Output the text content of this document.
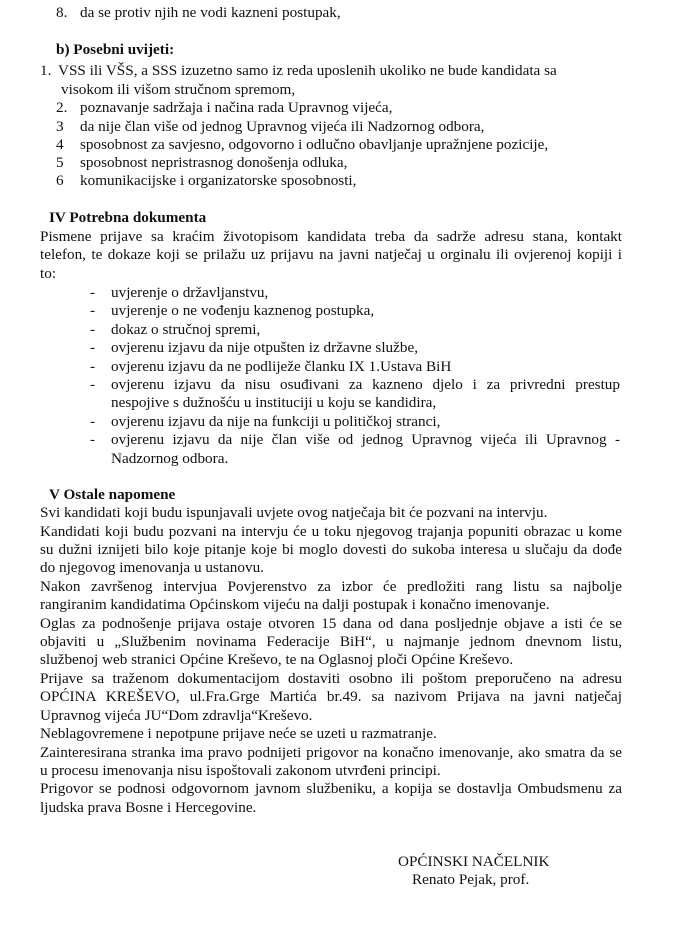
8. da se protiv njih ne vodi kazneni postupak,
b) Posebni uvijeti:
1. VSS ili VŠS, a SSS izuzetno samo iz reda uposlenih ukoliko ne bude kandidata sa
visokom ili višom stručnom spremom,
2. poznavanje sadržaja i načina rada Upravnog vijeća,
3 da nije član više od jednog Upravnog vijeća ili Nadzornog odbora,
4 sposobnost za savjesno, odgovorno i odlučno obavljanje upražnjene pozicije,
5 sposobnost nepristrasnog donošenja odluka,
6 komunikacijske i organizatorske sposobnosti,
IV Potrebna dokumenta
Pismene prijave sa kraćim životopisom kandidata treba da sadrže adresu stana, kontakt
telefon, te dokaze koji se prilažu uz prijavu na javni natječaj u orginalu ili ovjerenoj kopiji i
to:
- uvjerenje o državljanstvu,
- uvjerenje o ne vođenju kaznenog postupka,
- dokaz o stručnoj spremi,
- ovjerenu izjavu da nije otpušten iz državne službe,
- ovjerenu izjavu da ne podliježe članku IX 1.Ustava BiH
- ovjerenu izjavu da nisu osuđivani za kazneno djelo i za privredni prestup
nespojive s dužnošću u instituciji u koju se kandidira,
- ovjerenu izjavu da nije na funkciji u političkoj stranci,
- ovjerenu izjavu da nije član više od jednog Upravnog vijeća ili Upravnog -
Nadzornog odbora.
V Ostale napomene
Svi kandidati koji budu ispunjavali uvjete ovog natječaja bit će pozvani na intervju.
Kandidati koji budu pozvani na intervju će u toku njegovog trajanja popuniti obrazac u kome
su dužni iznijeti bilo koje pitanje koje bi moglo dovesti do sukoba interesa u slučaju da dođe
do njegovog imenovanja u ustanovu.
Nakon završenog intervjua Povjerenstvo za izbor će predložiti rang listu sa najbolje
rangiranim kandidatima Općinskom vijeću na dalji postupak i konačno imenovanje.
Oglas za podnošenje prijava ostaje otvoren 15 dana od dana posljednje objave a isti će se
objaviti u „Službenim novinama Federacije BiH“, u najmanje jednom dnevnom listu,
službenoj web stranici Općine Kreševo, te na Oglasnoj ploči Općine Kreševo.
Prijave sa traženom dokumentacijom dostaviti osobno ili poštom preporučeno na adresu
OPĆINA KREŠEVO, ul.Fra.Grge Martića br.49. sa nazivom Prijava na javni natječaj
Upravnog vijeća JU“Dom zdravlja“Kreševo.
Neblagovremene i nepotpune prijave neće se uzeti u razmatranje.
Zainteresirana stranka ima pravo podnijeti prigovor na konačno imenovanje, ako smatra da se
u procesu imenovanja nisu ispoštovali zakonom utvrđeni principi.
Prigovor se podnosi odgovornom javnom službeniku, a kopija se dostavlja Ombudsmenu za
ljudska prava Bosne i Hercegovine.
OPĆINSKI NAČELNIK
Renato Pejak, prof.
